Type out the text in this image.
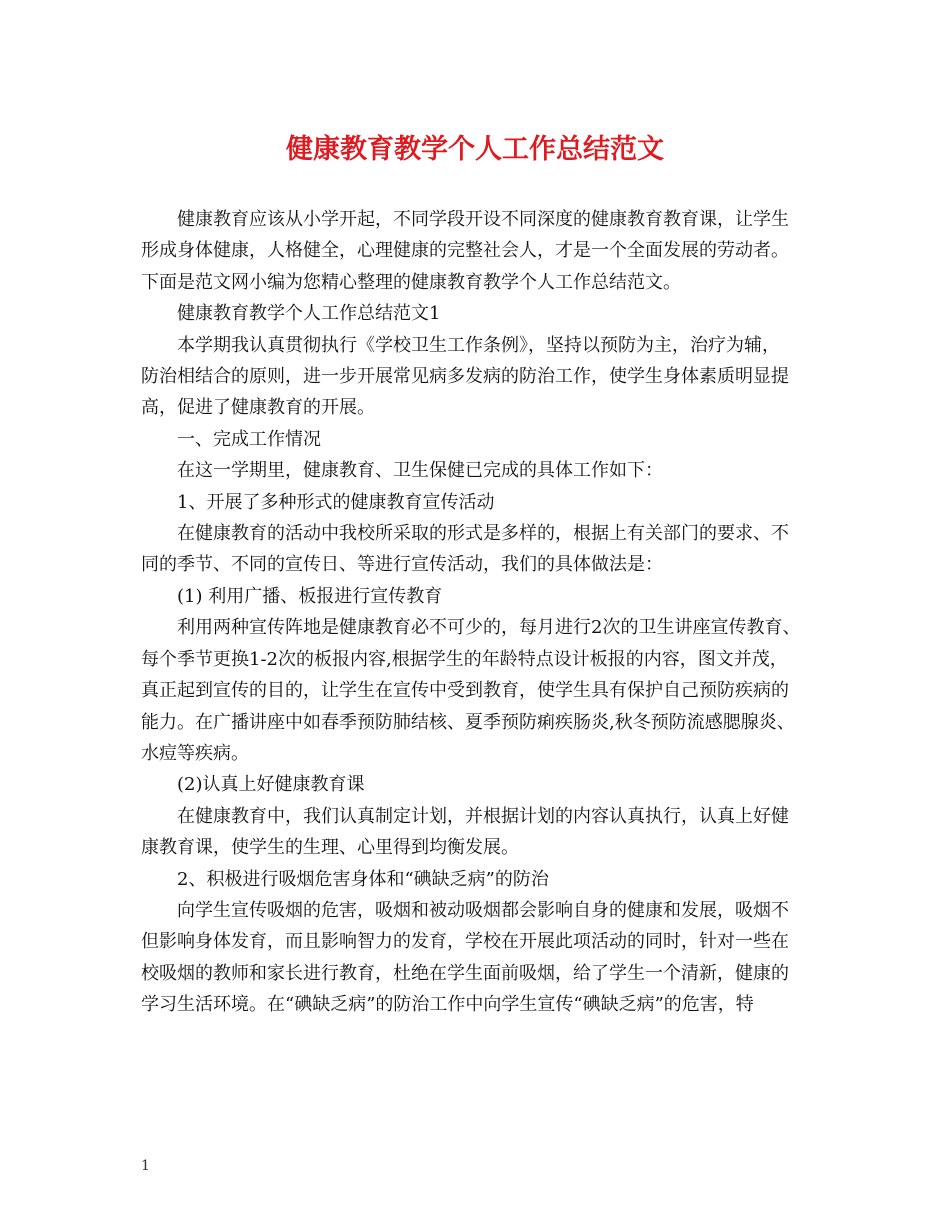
健康教育教学个人工作总结范文

健康教育应该从小学开起，不同学段开设不同深度的健康教育教育课，让学生
形成身体健康，人格健全，心理健康的完整社会人，才是一个全面发展的劳动者。
下面是范文网小编为您精心整理的健康教育教学个人工作总结范文。

健康教育教学个人工作总结范文1

本学期我认真贯彻执行《学校卫生工作条例》，坚持以预防为主，治疗为辅，
防治相结合的原则，进一步开展常见病多发病的防治工作，使学生身体素质明显提
高，促进了健康教育的开展。

一、完成工作情况

在这一学期里，健康教育、卫生保健已完成的具体工作如下：

1、开展了多种形式的健康教育宣传活动

在健康教育的活动中我校所采取的形式是多样的，根据上有关部门的要求、不
同的季节、不同的宣传日、等进行宣传活动，我们的具体做法是：

(1) 利用广播、板报进行宣传教育

利用两种宣传阵地是健康教育必不可少的，每月进行2次的卫生讲座宣传教育、
每个季节更换1-2次的板报内容,根据学生的年龄特点设计板报的内容，图文并茂，
真正起到宣传的目的，让学生在宣传中受到教育，使学生具有保护自己预防疾病的
能力。在广播讲座中如春季预防肺结核、夏季预防痢疾肠炎,秋冬预防流感腮腺炎、
水痘等疾病。

(2)认真上好健康教育课

在健康教育中，我们认真制定计划，并根据计划的内容认真执行，认真上好健
康教育课，使学生的生理、心里得到均衡发展。

2、积极进行吸烟危害身体和“碘缺乏病”的防治

向学生宣传吸烟的危害，吸烟和被动吸烟都会影响自身的健康和发展，吸烟不
但影响身体发育，而且影响智力的发育，学校在开展此项活动的同时，针对一些在
校吸烟的教师和家长进行教育，杜绝在学生面前吸烟，给了学生一个清新，健康的
学习生活环境。在“碘缺乏病”的防治工作中向学生宣传“碘缺乏病”的危害，特

1
